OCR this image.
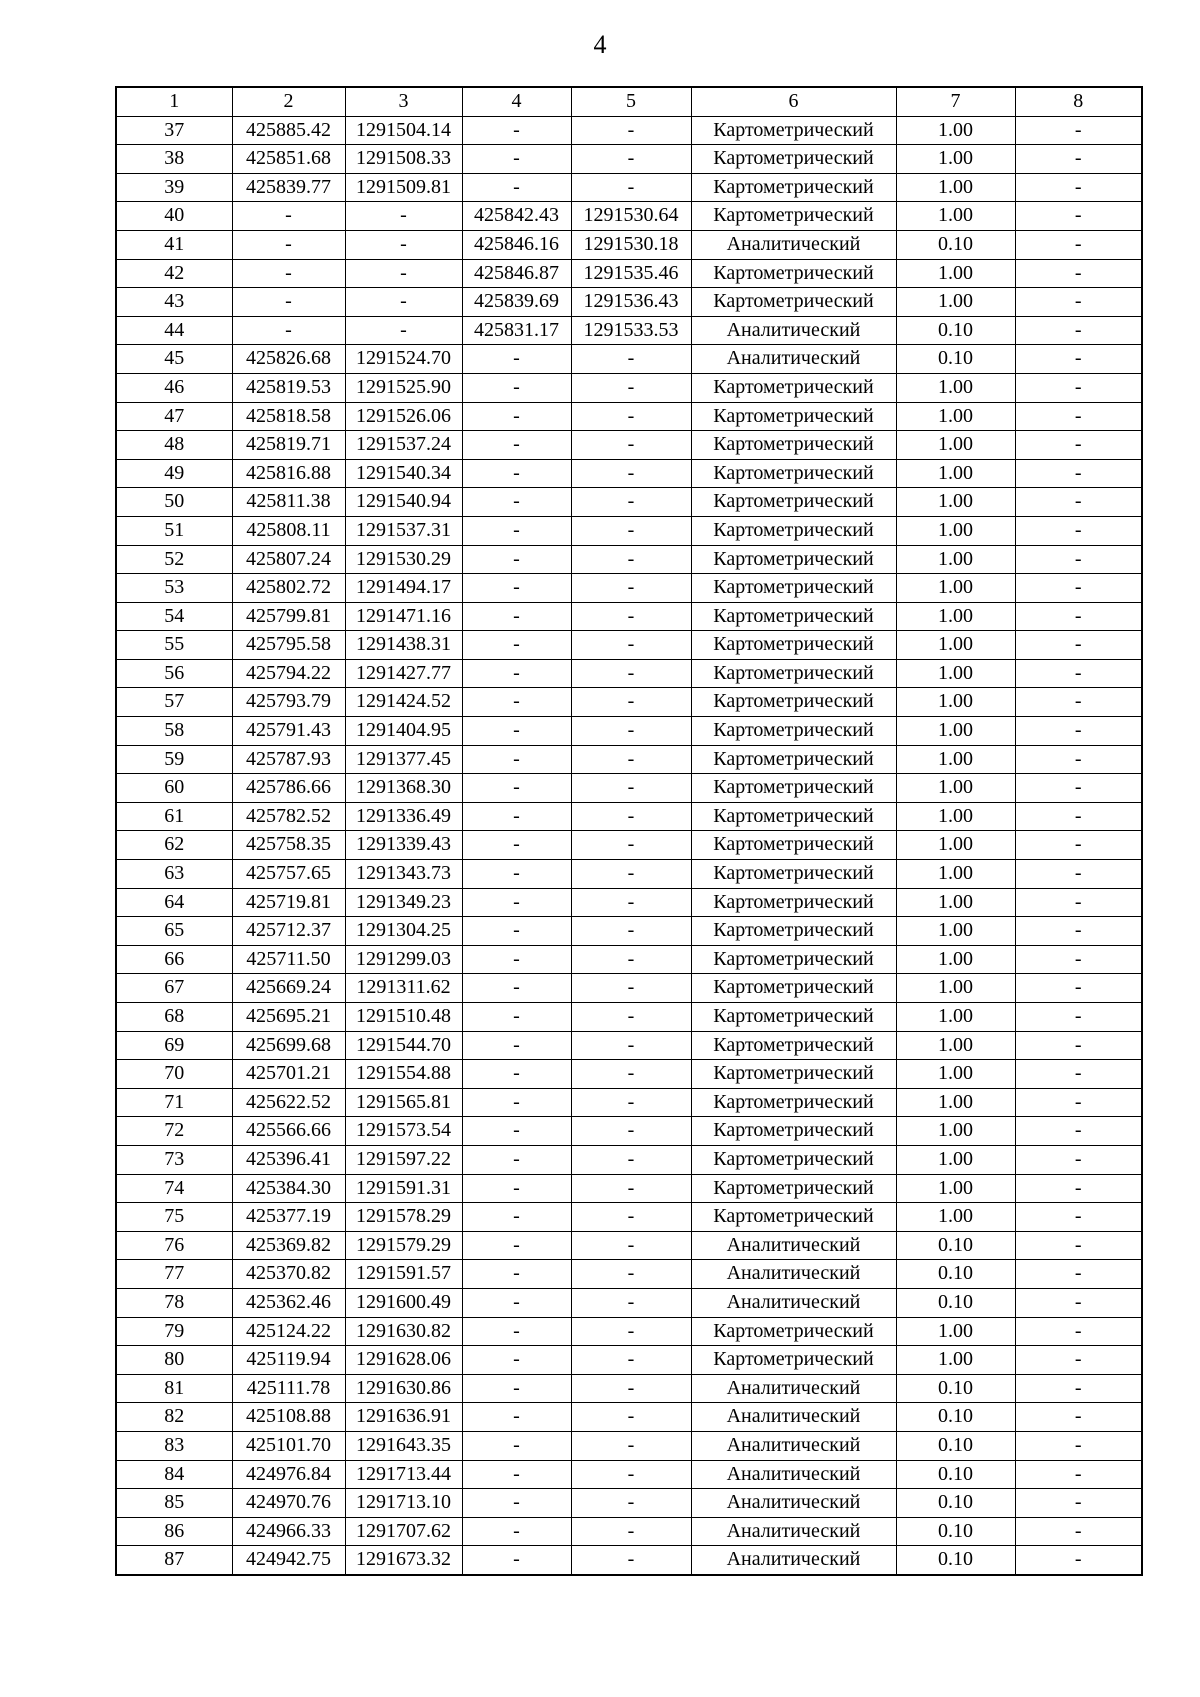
4
1	2	3	4	5	6	7	8
37	425885.42	1291504.14	-	-	Картометрический	1.00	-
38	425851.68	1291508.33	-	-	Картометрический	1.00	-
39	425839.77	1291509.81	-	-	Картометрический	1.00	-
40	-	-	425842.43	1291530.64	Картометрический	1.00	-
41	-	-	425846.16	1291530.18	Аналитический	0.10	-
42	-	-	425846.87	1291535.46	Картометрический	1.00	-
43	-	-	425839.69	1291536.43	Картометрический	1.00	-
44	-	-	425831.17	1291533.53	Аналитический	0.10	-
45	425826.68	1291524.70	-	-	Аналитический	0.10	-
46	425819.53	1291525.90	-	-	Картометрический	1.00	-
47	425818.58	1291526.06	-	-	Картометрический	1.00	-
48	425819.71	1291537.24	-	-	Картометрический	1.00	-
49	425816.88	1291540.34	-	-	Картометрический	1.00	-
50	425811.38	1291540.94	-	-	Картометрический	1.00	-
51	425808.11	1291537.31	-	-	Картометрический	1.00	-
52	425807.24	1291530.29	-	-	Картометрический	1.00	-
53	425802.72	1291494.17	-	-	Картометрический	1.00	-
54	425799.81	1291471.16	-	-	Картометрический	1.00	-
55	425795.58	1291438.31	-	-	Картометрический	1.00	-
56	425794.22	1291427.77	-	-	Картометрический	1.00	-
57	425793.79	1291424.52	-	-	Картометрический	1.00	-
58	425791.43	1291404.95	-	-	Картометрический	1.00	-
59	425787.93	1291377.45	-	-	Картометрический	1.00	-
60	425786.66	1291368.30	-	-	Картометрический	1.00	-
61	425782.52	1291336.49	-	-	Картометрический	1.00	-
62	425758.35	1291339.43	-	-	Картометрический	1.00	-
63	425757.65	1291343.73	-	-	Картометрический	1.00	-
64	425719.81	1291349.23	-	-	Картометрический	1.00	-
65	425712.37	1291304.25	-	-	Картометрический	1.00	-
66	425711.50	1291299.03	-	-	Картометрический	1.00	-
67	425669.24	1291311.62	-	-	Картометрический	1.00	-
68	425695.21	1291510.48	-	-	Картометрический	1.00	-
69	425699.68	1291544.70	-	-	Картометрический	1.00	-
70	425701.21	1291554.88	-	-	Картометрический	1.00	-
71	425622.52	1291565.81	-	-	Картометрический	1.00	-
72	425566.66	1291573.54	-	-	Картометрический	1.00	-
73	425396.41	1291597.22	-	-	Картометрический	1.00	-
74	425384.30	1291591.31	-	-	Картометрический	1.00	-
75	425377.19	1291578.29	-	-	Картометрический	1.00	-
76	425369.82	1291579.29	-	-	Аналитический	0.10	-
77	425370.82	1291591.57	-	-	Аналитический	0.10	-
78	425362.46	1291600.49	-	-	Аналитический	0.10	-
79	425124.22	1291630.82	-	-	Картометрический	1.00	-
80	425119.94	1291628.06	-	-	Картометрический	1.00	-
81	425111.78	1291630.86	-	-	Аналитический	0.10	-
82	425108.88	1291636.91	-	-	Аналитический	0.10	-
83	425101.70	1291643.35	-	-	Аналитический	0.10	-
84	424976.84	1291713.44	-	-	Аналитический	0.10	-
85	424970.76	1291713.10	-	-	Аналитический	0.10	-
86	424966.33	1291707.62	-	-	Аналитический	0.10	-
87	424942.75	1291673.32	-	-	Аналитический	0.10	-
